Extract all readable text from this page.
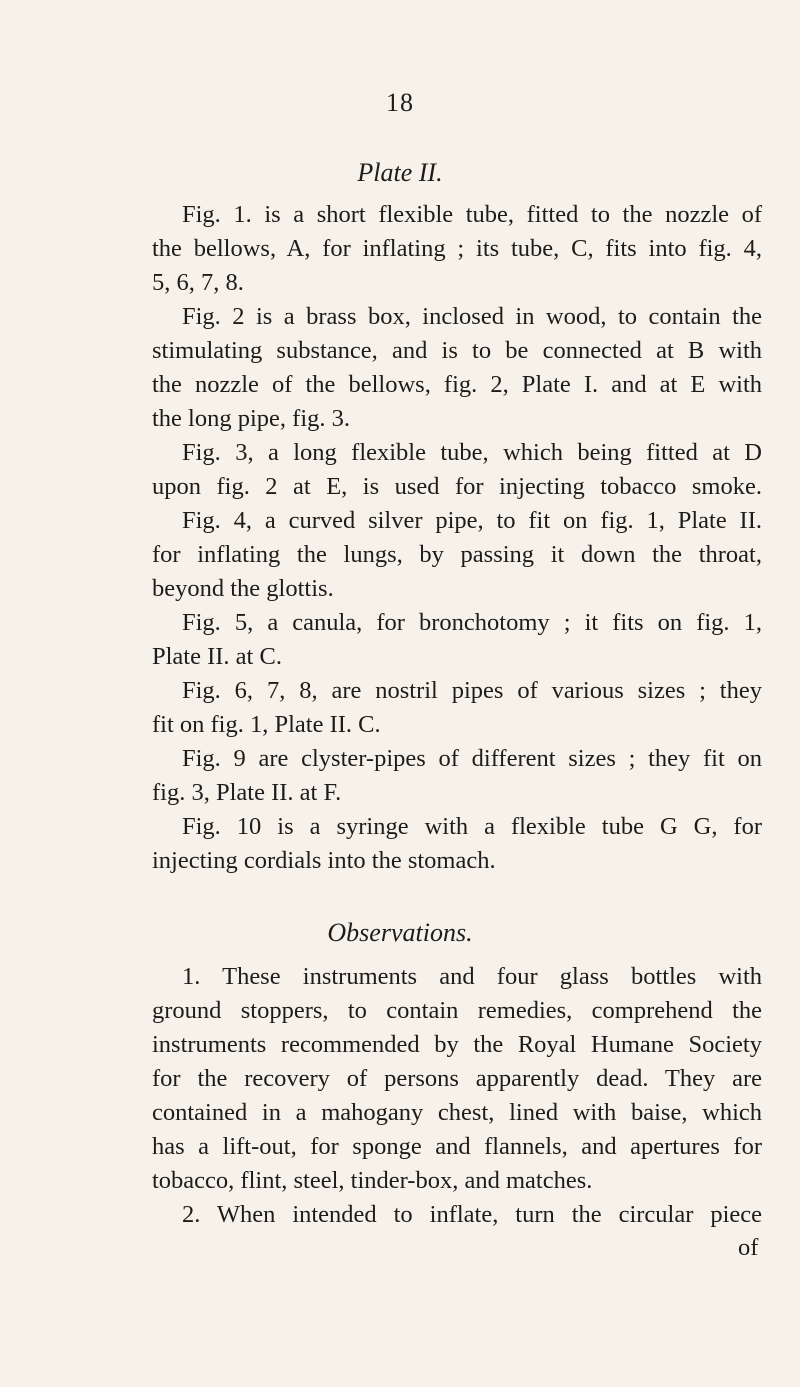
18
Plate II.
Fig. 1. is a short flexible tube, fitted to the nozzle of
the bellows, A, for inflating ; its tube, C, fits into fig. 4,
5, 6, 7, 8.
Fig. 2 is a brass box, inclosed in wood, to contain the
stimulating substance, and is to be connected at B with
the nozzle of the bellows, fig. 2, Plate I. and at E with
the long pipe, fig. 3.
Fig. 3, a long flexible tube, which being fitted at D
upon fig. 2 at E, is used for injecting tobacco smoke.
Fig. 4, a curved silver pipe, to fit on fig. 1, Plate II.
for inflating the lungs, by passing it down the throat,
beyond the glottis.
Fig. 5, a canula, for bronchotomy ; it fits on fig. 1,
Plate II. at C.
Fig. 6, 7, 8, are nostril pipes of various sizes ; they
fit on fig. 1, Plate II. C.
Fig. 9 are clyster-pipes of different sizes ; they fit on
fig. 3, Plate II. at F.
Fig. 10 is a syringe with a flexible tube G G, for
injecting cordials into the stomach.
Observations.
1. These instruments and four glass bottles with
ground stoppers, to contain remedies, comprehend the
instruments recommended by the Royal Humane Society
for the recovery of persons apparently dead. They are
contained in a mahogany chest, lined with baise, which
has a lift-out, for sponge and flannels, and apertures for
tobacco, flint, steel, tinder-box, and matches.
2. When intended to inflate, turn the circular piece
of
